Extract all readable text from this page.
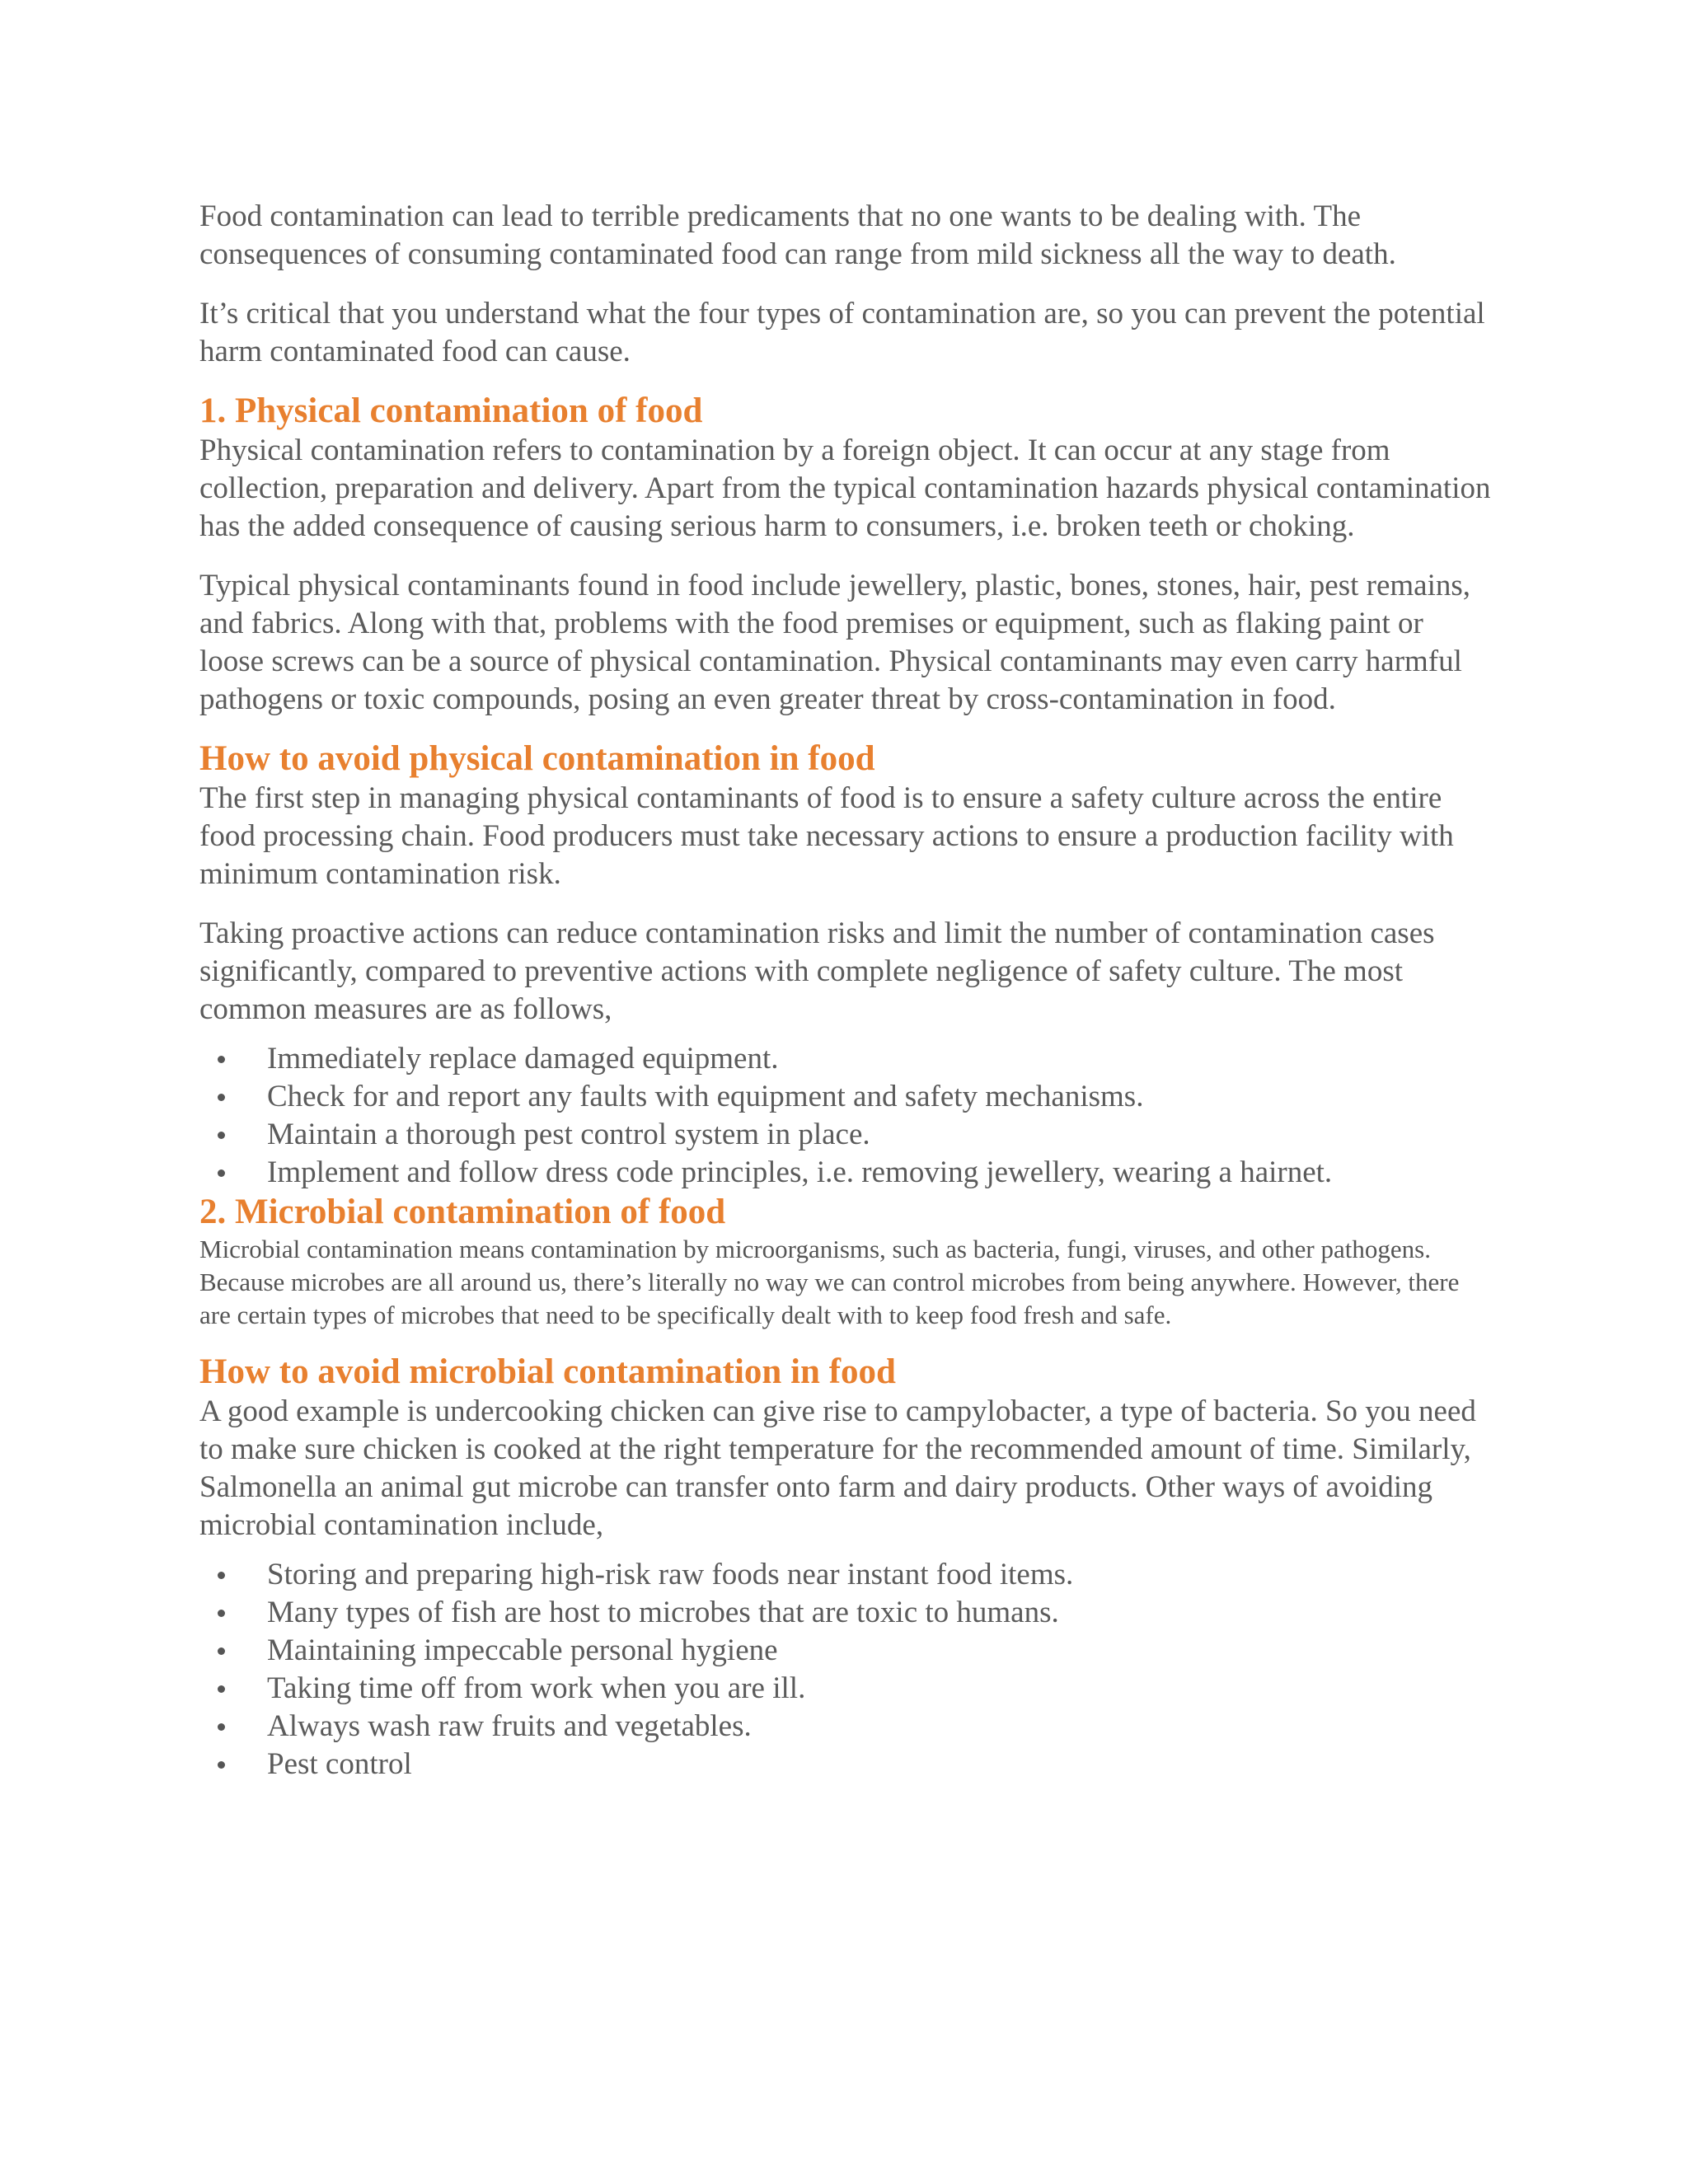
Food contamination can lead to terrible predicaments that no one wants to be dealing with. The consequences of consuming contaminated food can range from mild sickness all the way to death.

It’s critical that you understand what the four types of contamination are, so you can prevent the potential harm contaminated food can cause.

1. Physical contamination of food

Physical contamination refers to contamination by a foreign object. It can occur at any stage from collection, preparation and delivery. Apart from the typical contamination hazards physical contamination has the added consequence of causing serious harm to consumers, i.e. broken teeth or choking.

Typical physical contaminants found in food include jewellery, plastic, bones, stones, hair, pest remains, and fabrics. Along with that, problems with the food premises or equipment, such as flaking paint or loose screws can be a source of physical contamination. Physical contaminants may even carry harmful pathogens or toxic compounds, posing an even greater threat by cross-contamination in food.

How to avoid physical contamination in food

The first step in managing physical contaminants of food is to ensure a safety culture across the entire food processing chain. Food producers must take necessary actions to ensure a production facility with minimum contamination risk.

Taking proactive actions can reduce contamination risks and limit the number of contamination cases significantly, compared to preventive actions with complete negligence of safety culture. The most common measures are as follows,

Immediately replace damaged equipment.
Check for and report any faults with equipment and safety mechanisms.
Maintain a thorough pest control system in place.
Implement and follow dress code principles, i.e. removing jewellery, wearing a hairnet.
2. Microbial contamination of food

Microbial contamination means contamination by microorganisms, such as bacteria, fungi, viruses, and other pathogens. Because microbes are all around us, there’s literally no way we can control microbes from being anywhere. However, there are certain types of microbes that need to be specifically dealt with to keep food fresh and safe.

How to avoid microbial contamination in food

A good example is undercooking chicken can give rise to campylobacter, a type of bacteria. So you need to make sure chicken is cooked at the right temperature for the recommended amount of time. Similarly, Salmonella an animal gut microbe can transfer onto farm and dairy products. Other ways of avoiding microbial contamination include,

Storing and preparing high-risk raw foods near instant food items.
Many types of fish are host to microbes that are toxic to humans.
Maintaining impeccable personal hygiene
Taking time off from work when you are ill.
Always wash raw fruits and vegetables.
Pest control
